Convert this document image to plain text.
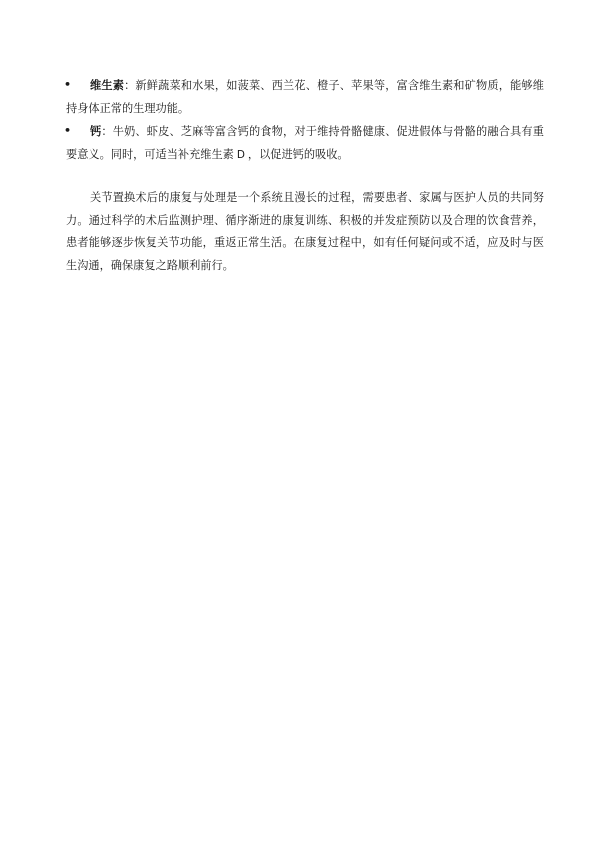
• 维生素：新鲜蔬菜和水果，如菠菜、西兰花、橙子、苹果等，富含维生素和矿物质，能够维持身体正常的生理功能。

• 钙：牛奶、虾皮、芝麻等富含钙的食物，对于维持骨骼健康、促进假体与骨骼的融合具有重要意义。同时，可适当补充维生素 D ，以促进钙的吸收。

关节置换术后的康复与处理是一个系统且漫长的过程，需要患者、家属与医护人员的共同努力。通过科学的术后监测护理、循序渐进的康复训练、积极的并发症预防以及合理的饮食营养，患者能够逐步恢复关节功能，重返正常生活。在康复过程中，如有任何疑问或不适，应及时与医生沟通，确保康复之路顺利前行。
